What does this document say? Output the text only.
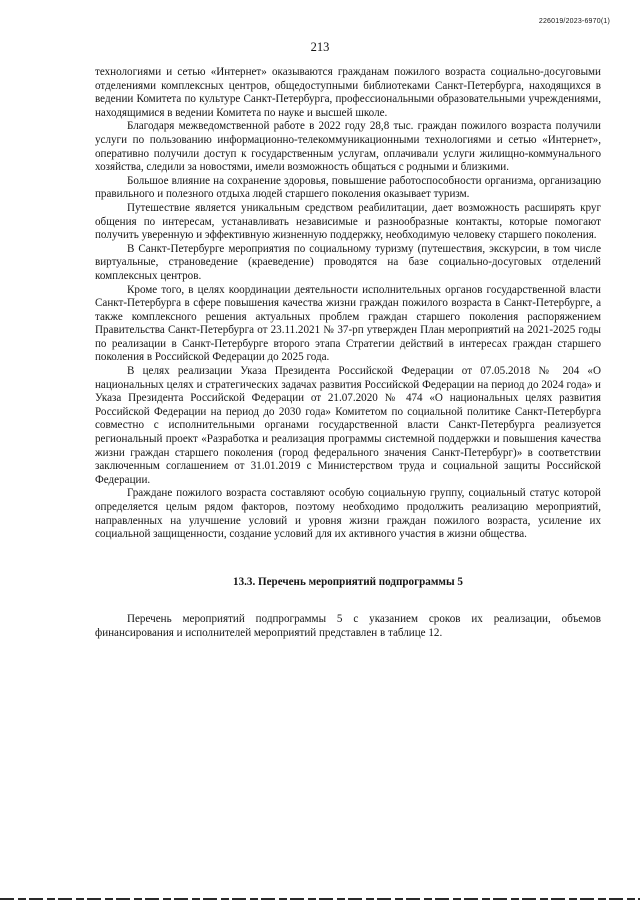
226019/2023-6970(1)
213

технологиями и сетью «Интернет» оказываются гражданам пожилого возраста социально-досуговыми отделениями комплексных центров, общедоступными библиотеками Санкт-Петербурга, находящихся в ведении Комитета по культуре Санкт-Петербурга, профессиональными образовательными учреждениями, находящимися в ведении Комитета по науке и высшей школе.

Благодаря межведомственной работе в 2022 году 28,8 тыс. граждан пожилого возраста получили услуги по пользованию информационно-телекоммуникационными технологиями и сетью «Интернет», оперативно получили доступ к государственным услугам, оплачивали услуги жилищно-коммунального хозяйства, следили за новостями, имели возможность общаться с родными и близкими.

Большое влияние на сохранение здоровья, повышение работоспособности организма, организацию правильного и полезного отдыха людей старшего поколения оказывает туризм.

Путешествие является уникальным средством реабилитации, дает возможность расширять круг общения по интересам, устанавливать независимые и разнообразные контакты, которые помогают получить уверенную и эффективную жизненную поддержку, необходимую человеку старшего поколения.

В Санкт-Петербурге мероприятия по социальному туризму (путешествия, экскурсии, в том числе виртуальные, страноведение (краеведение) проводятся на базе социально-досуговых отделений комплексных центров.

Кроме того, в целях координации деятельности исполнительных органов государственной власти Санкт-Петербурга в сфере повышения качества жизни граждан пожилого возраста в Санкт-Петербурге, а также комплексного решения актуальных проблем граждан старшего поколения распоряжением Правительства Санкт-Петербурга от 23.11.2021 № 37-рп утвержден План мероприятий на 2021-2025 годы по реализации в Санкт-Петербурге второго этапа Стратегии действий в интересах граждан старшего поколения в Российской Федерации до 2025 года.

В целях реализации Указа Президента Российской Федерации от 07.05.2018 № 204 «О национальных целях и стратегических задачах развития Российской Федерации на период до 2024 года» и Указа Президента Российской Федерации от 21.07.2020 № 474 «О национальных целях развития Российской Федерации на период до 2030 года» Комитетом по социальной политике Санкт-Петербурга совместно с исполнительными органами государственной власти Санкт-Петербурга реализуется региональный проект «Разработка и реализация программы системной поддержки и повышения качества жизни граждан старшего поколения (город федерального значения Санкт-Петербург)» в соответствии заключенным соглашением от 31.01.2019 с Министерством труда и социальной защиты Российской Федерации.

Граждане пожилого возраста составляют особую социальную группу, социальный статус которой определяется целым рядом факторов, поэтому необходимо продолжить реализацию мероприятий, направленных на улучшение условий и уровня жизни граждан пожилого возраста, усиление их социальной защищенности, создание условий для их активного участия в жизни общества.

13.3. Перечень мероприятий подпрограммы 5

Перечень мероприятий подпрограммы 5 с указанием сроков их реализации, объемов финансирования и исполнителей мероприятий представлен в таблице 12.
